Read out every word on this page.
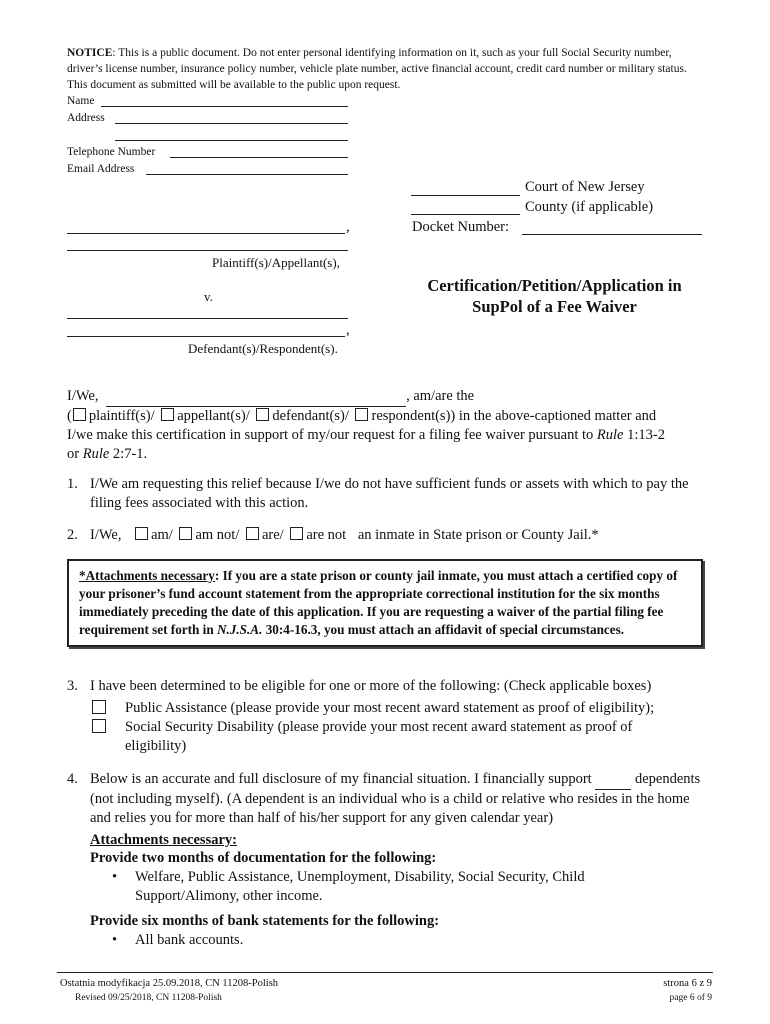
NOTICE: This is a public document. Do not enter personal identifying information on it, such as your full Social Security number, driver’s license number, insurance policy number, vehicle plate number, active financial account, credit card number or military status. This document as submitted will be available to the public upon request.
Name
Address
Telephone Number
Email Address
Court of New Jersey
County (if applicable)
Docket Number:
,
Plaintiff(s)/Appellant(s),
v.
,
Defendant(s)/Respondent(s).
Certification/Petition/Application in
SupPol of a Fee Waiver
I/We,	, am/are the
( plaintiff(s)/ appellant(s)/ defendant(s)/ respondent(s)) in the above-captioned matter and
I/we make this certification in support of my/our request for a filing fee waiver pursuant to Rule 1:13-2
or Rule 2:7-1.
1. I/We am requesting this relief because I/we do not have sufficient funds or assets with which to pay the filing fees associated with this action.
2. I/We, am/ am not/ are/ are not an inmate in State prison or County Jail.*
*Attachments necessary: If you are a state prison or county jail inmate, you must attach a certified copy of your prisoner’s fund account statement from the appropriate correctional institution for the six months immediately preceding the date of this application. If you are requesting a waiver of the partial filing fee requirement set forth in N.J.S.A. 30:4-16.3, you must attach an affidavit of special circumstances.
3. I have been determined to be eligible for one or more of the following: (Check applicable boxes)
Public Assistance (please provide your most recent award statement as proof of eligibility);
Social Security Disability (please provide your most recent award statement as proof of
eligibility)
4. Below is an accurate and full disclosure of my financial situation. I financially support	dependents (not including myself). (A dependent is an individual who is a child or relative who resides in the home and relies you for more than half of his/her support for any given calendar year)
Attachments necessary:
Provide two months of documentation for the following:
• Welfare, Public Assistance, Unemployment, Disability, Social Security, Child Support/Alimony, other income.
Provide six months of bank statements for the following:
• All bank accounts.
Ostatnia modyfikacja 25.09.2018, CN 11208-Polish
Revised 09/25/2018, CN 11208-Polish
strona 6 z 9
page 6 of 9
